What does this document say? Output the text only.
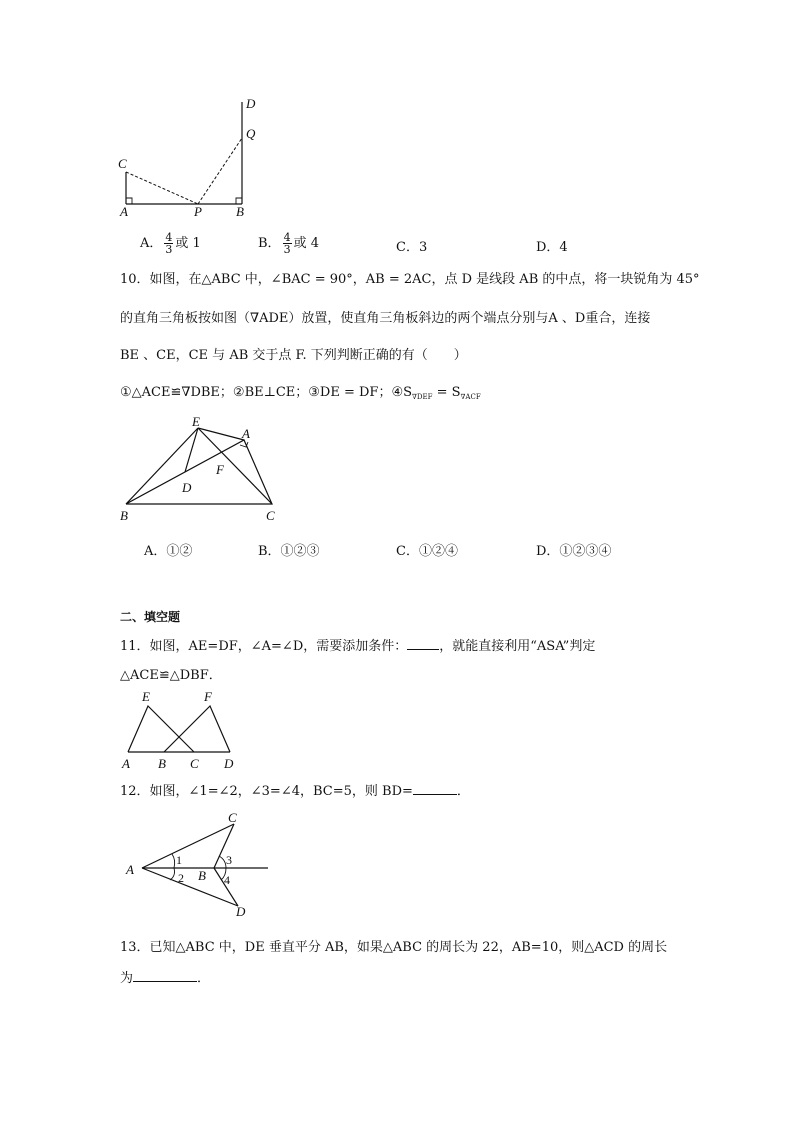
D
Q
C
A	P	B
A． $\frac{4}{3}$ 或 1	B． $\frac{4}{3}$ 或 4	C．3	D．4
10．如图，在△ABC 中，∠BAC = 90°，AB = 2AC，点 D 是线段 AB 的中点，将一块锐角为 45°
的直角三角板按如图（∇ADE）放置，使直角三角板斜边的两个端点分别与A 、D重合，连接
BE 、CE，CE 与 AB 交于点 F. 下列判断正确的有（　　）
①△ACE≌∇DBE；②BE⊥CE；③DE = DF；$④S_{\nabla DEF} = S_{\nabla ACF}$
E
A
F
D
B	C
A．①②	B．①②③	C．①②④	D．①②③④
二、填空题
11．如图，AE=DF，∠A=∠D，需要添加条件： ，就能直接利用“ASA”判定
△ACE≌△DBF．
E	F
A B C D
12．如图，∠1=∠2，∠3=∠4，BC=5，则 BD=	．
C
A	B
D
1
2
3
4
13．已知△ABC 中，DE 垂直平分 AB，如果△ABC 的周长为 22，AB=10，则△ACD 的周长
为	．
